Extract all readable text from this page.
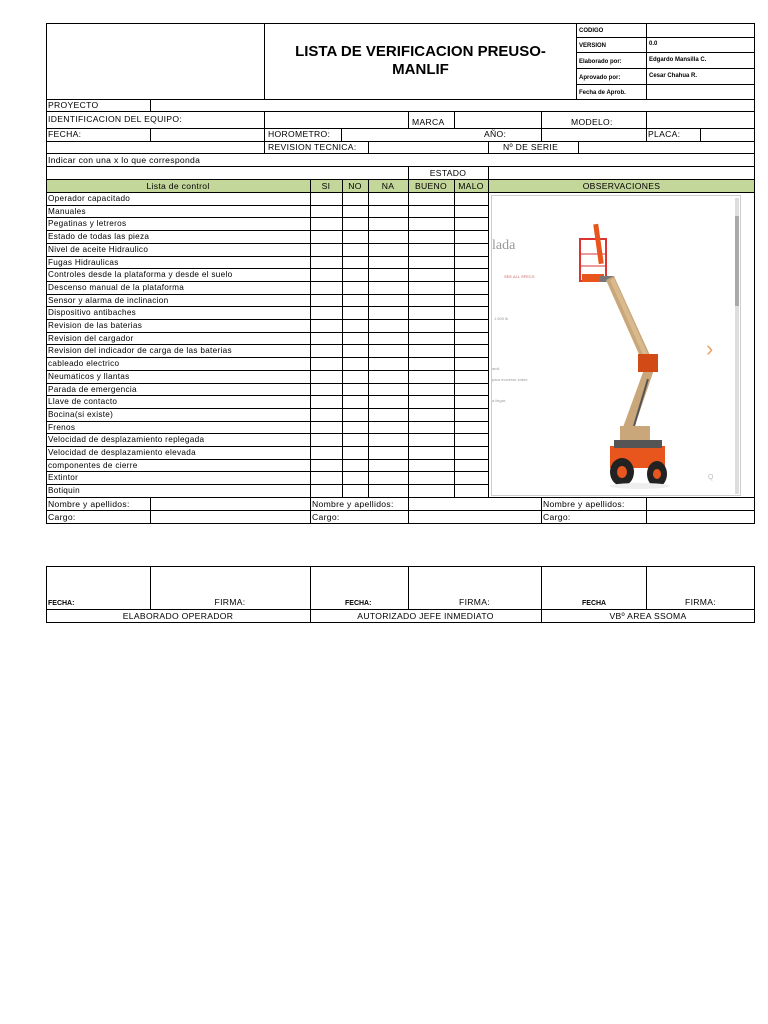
LISTA DE VERIFICACION PREUSO-
MANLIF
CODIGO
VERSION	0.0
Elaborado por:	Edgardo Mansilla C.
Aprovado por:	Cesar Chahua R.
Fecha de Aprob.
PROYECTO
IDENTIFICACION DEL EQUIPO:	MARCA	MODELO:
FECHA:	HOROMETRO:	AÑO:	PLACA:
REVISION TECNICA:	Nº DE SERIE
Indicar con una x lo que corresponda
ESTADO
Lista de control	SI	NO	NA	BUENO	MALO	OBSERVACIONES
Operador capacitado
Manuales
Pegatinas y letreros
Estado de todas las pieza
Nivel de aceite Hidraulico
Fugas Hidraulicas
Controles desde la plataforma y desde el suelo
Descenso manual de la plataforma
Sensor y alarma de inclinacion
Dispositivo antibaches
Revision de las baterias
Revision del cargador
Revision del indicador de carga de las baterias
cableado electrico
Neumaticos y llantas
Parada de emergencia
Llave de contacto
Bocina(si existe)
Frenos
Velocidad de desplazamiento replegada
Velocidad de desplazamiento elevada
componentes de cierre
Extintor
Botiquin
lada
SEE ALL SPECS
1.500 lb
amil
para moverse sobre
a llegar.
›
Q
Nombre y apellidos:
Cargo:
Nombre y apellidos:
Cargo:
Nombre y apellidos:
Cargo:
FECHA:	FIRMA:	FECHA:	FIRMA:	FECHA	FIRMA:
ELABORADO OPERADOR	AUTORIZADO JEFE INMEDIATO	VBº AREA SSOMA
